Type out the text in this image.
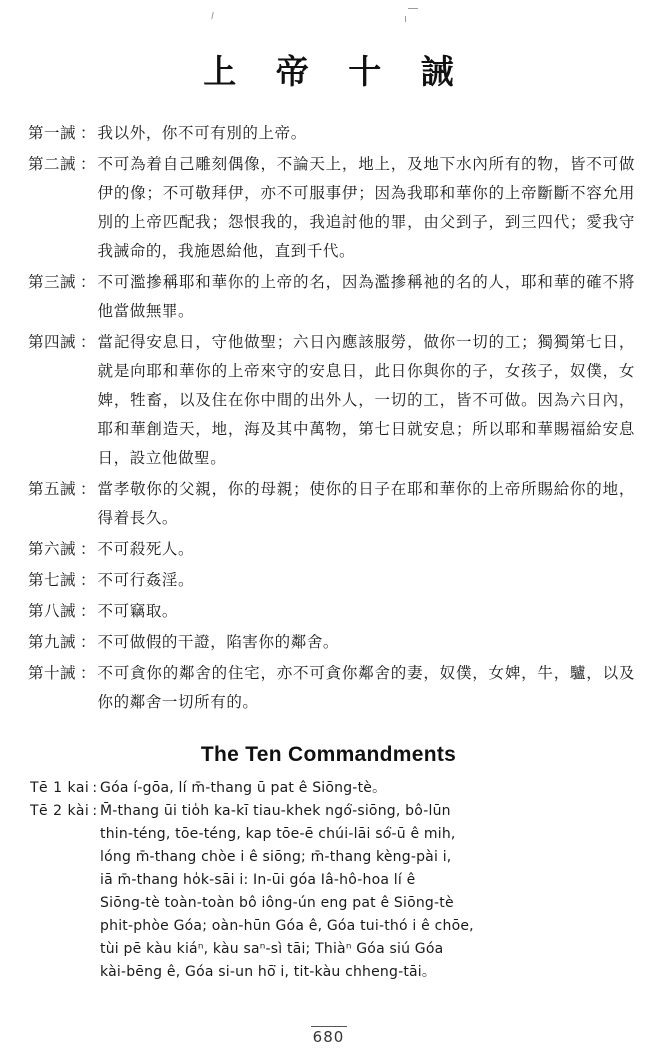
上 帝 十 誡
第一誡 ： 我以外，你不可有別的上帝。
第二誡 ： 不可為着自己雕刻偶像，不論天上，地上，及地下水內所有的物，皆不可做伊的像；不可敬拜伊，亦不可服事伊；因為我耶和華你的上帝斷斷不容允用別的上帝匹配我；怨恨我的，我追討他的罪，由父到子，到三四代；愛我守我誡命的，我施恩給他，直到千代。
第三誡 ： 不可濫摻稱耶和華你的上帝的名，因為濫摻稱祂的名的人，耶和華的確不將他當做無罪。
第四誡 ： 當記得安息日，守他做聖；六日內應該服勞，做你一切的工；獨獨第七日，就是向耶和華你的上帝來守的安息日，此日你與你的子，女孩子，奴僕，女婢，牲畜，以及住在你中間的出外人，一切的工，皆不可做。因為六日內，耶和華創造天，地，海及其中萬物，第七日就安息；所以耶和華賜福給安息日，設立他做聖。
第五誡 ： 當孝敬你的父親，你的母親；使你的日子在耶和華你的上帝所賜給你的地，得着長久。
第六誡 ： 不可殺死人。
第七誡 ： 不可行姦淫。
第八誡 ： 不可竊取。
第九誡 ： 不可做假的干證，陷害你的鄰舍。
第十誡 ： 不可貪你的鄰舍的住宅，亦不可貪你鄰舍的妻，奴僕，女婢，牛，驢，以及你的鄰舍一切所有的。
The Ten Commandments
Tē 1 kai : Góa í-gōa, lí m̄-thang ū pat ê Siōng-tè。
Tē 2 kài : M̄-thang ūi tio̍h ka-kī tiau-khek ngó͘-siōng, bô-lūn
thin-téng, tōe-téng, kap tōe-ē chúi-lāi só͘-ū ê mih,
lóng m̄-thang chòe i ê siōng; m̄-thang kèng-pài i,
iā m̄-thang ho̍k-sāi i: In-ūi góa Iâ-hô-hoa lí ê
Siōng-tè toàn-toàn bô iông-ún eng pat ê Siōng-tè
phit-phòe Góa; oàn-hūn Góa ê, Góa tui-thó i ê chōe,
tùi pē kàu kiáⁿ, kàu saⁿ-sì tāi; Thiàⁿ Góa siú Góa
kài-bēng ê, Góa si-un hō͘ i, tit-kàu chheng-tāi。
680
